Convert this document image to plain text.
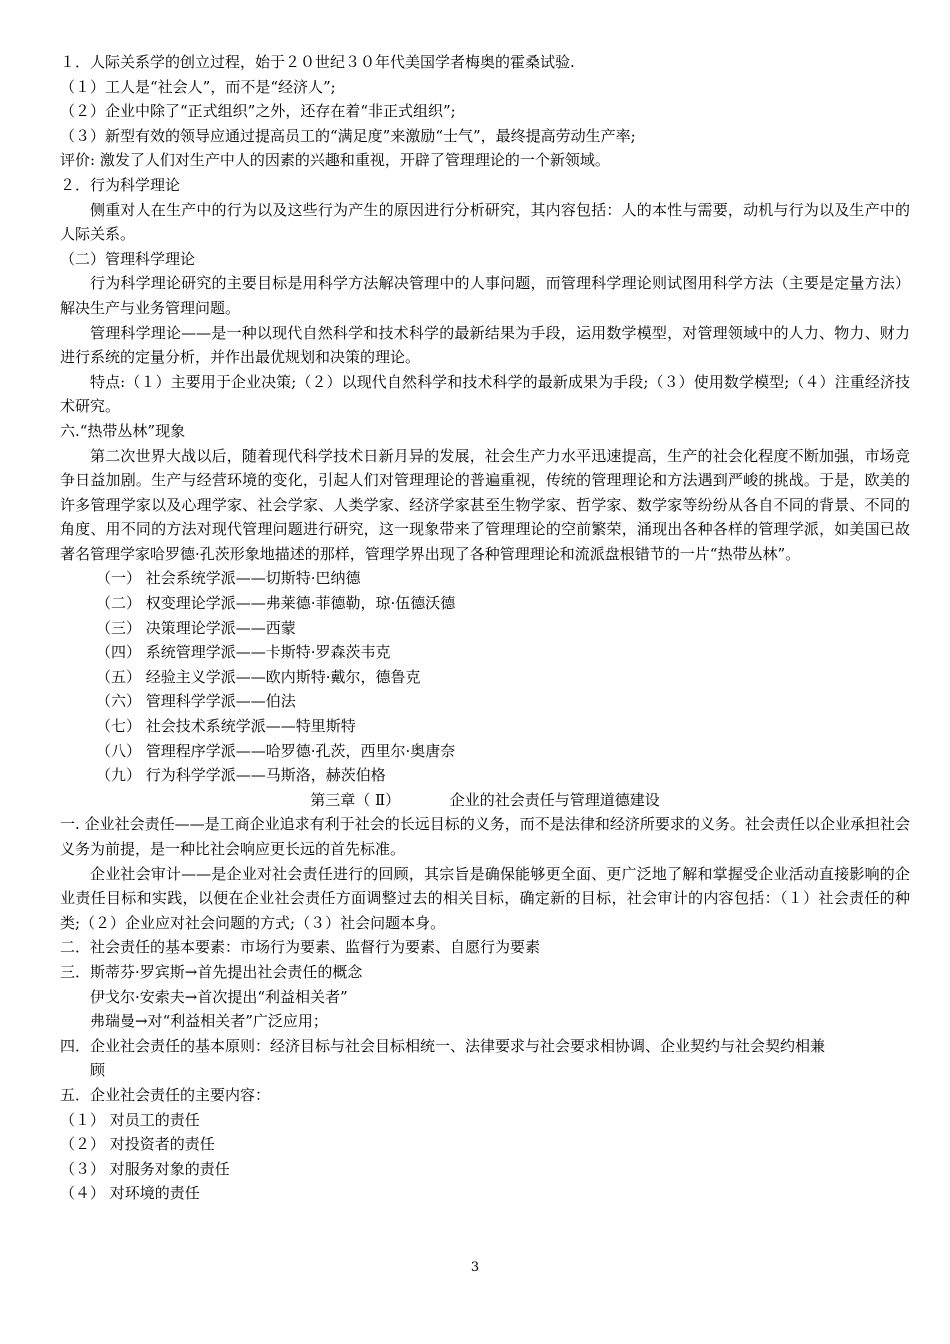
１．人际关系学的创立过程，始于２０世纪３０年代美国学者梅奥的霍桑试验.
（１）工人是“社会人”，而不是“经济人”;
（２）企业中除了“正式组织”之外，还存在着“非正式组织”;
（３）新型有效的领导应通过提高员工的“满足度”来激励“士气”，最终提高劳动生产率;
评价: 激发了人们对生产中人的因素的兴趣和重视，开辟了管理理论的一个新领域。
２．行为科学理论
侧重对人在生产中的行为以及这些行为产生的原因进行分析研究，其内容包括：人的本性与需要，动机与行为以及生产中的人际关系。
（二）管理科学理论
行为科学理论研究的主要目标是用科学方法解决管理中的人事问题，而管理科学理论则试图用科学方法（主要是定量方法）解决生产与业务管理问题。
管理科学理论——是一种以现代自然科学和技术科学的最新结果为手段，运用数学模型，对管理领域中的人力、物力、财力进行系统的定量分析，并作出最优规划和决策的理论。
特点:（１）主要用于企业决策;（２）以现代自然科学和技术科学的最新成果为手段;（３）使用数学模型;（４）注重经济技术研究。
六.“热带丛林”现象
第二次世界大战以后，随着现代科学技术日新月异的发展，社会生产力水平迅速提高，生产的社会化程度不断加强，市场竞争日益加剧。生产与经营环境的变化，引起人们对管理理论的普遍重视，传统的管理理论和方法遇到严峻的挑战。于是，欧美的许多管理学家以及心理学家、社会学家、人类学家、经济学家甚至生物学家、哲学家、数学家等纷纷从各自不同的背景、不同的角度、用不同的方法对现代管理问题进行研究，这一现象带来了管理理论的空前繁荣，涌现出各种各样的管理学派，如美国已故著名管理学家哈罗德·孔茨形象地描述的那样，管理学界出现了各种管理理论和流派盘根错节的一片“热带丛林”。
（一） 社会系统学派——切斯特·巴纳德
（二） 权变理论学派——弗莱德·菲德勒，琼·伍德沃德
（三） 决策理论学派——西蒙
（四） 系统管理学派——卡斯特·罗森茨韦克
（五） 经验主义学派——欧内斯特·戴尔，德鲁克
（六） 管理科学学派——伯法
（七） 社会技术系统学派——特里斯特
（八） 管理程序学派——哈罗德·孔茨，西里尔·奥唐奈
（九） 行为科学学派——马斯洛，赫茨伯格
第三章（ Ⅱ）	企业的社会责任与管理道德建设
一. 企业社会责任——是工商企业追求有利于社会的长远目标的义务，而不是法律和经济所要求的义务。社会责任以企业承担社会义务为前提，是一种比社会响应更长远的首先标准。
企业社会审计——是企业对社会责任进行的回顾，其宗旨是确保能够更全面、更广泛地了解和掌握受企业活动直接影响的企业责任目标和实践，以便在企业社会责任方面调整过去的相关目标，确定新的目标，社会审计的内容包括：（１）社会责任的种类;（２）企业应对社会问题的方式;（３）社会问题本身。
二．社会责任的基本要素：市场行为要素、监督行为要素、自愿行为要素
三．斯蒂芬·罗宾斯→首先提出社会责任的概念
伊戈尔·安索夫→首次提出“利益相关者”
弗瑞曼→对“利益相关者”广泛应用；
四．企业社会责任的基本原则：经济目标与社会目标相统一、法律要求与社会要求相协调、企业契约与社会契约相兼
顾
五．企业社会责任的主要内容：
（１） 对员工的责任
（２） 对投资者的责任
（３） 对服务对象的责任
（４） 对环境的责任
3
